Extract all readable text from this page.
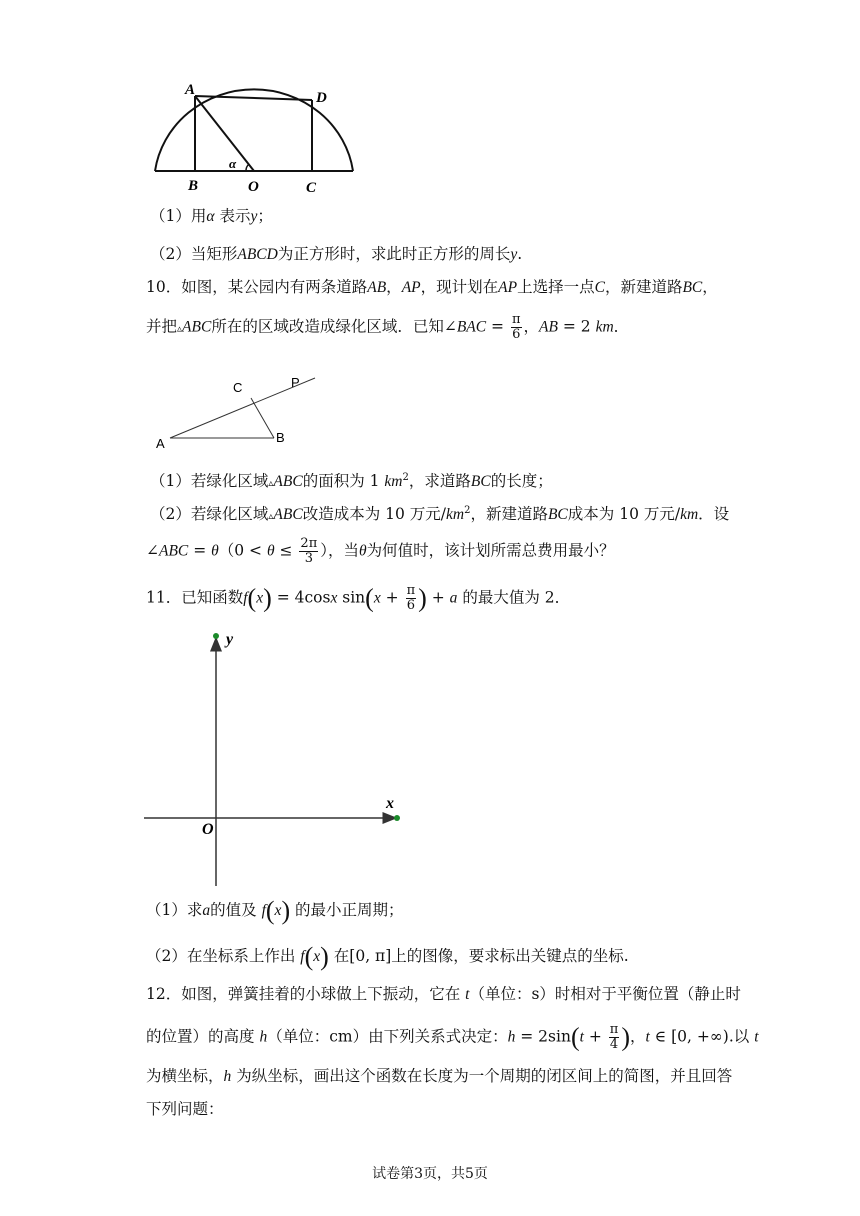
A	D
B	O	C
α
（1）用α 表示y；
（2）当矩形ABCD为正方形时，求此时正方形的周长y.
10．如图，某公园内有两条道路AB，AP，现计划在AP上选择一点C，新建道路BC，
并把▵ABC所在的区域改造成绿化区域．已知∠BAC = $\frac{\pi}{6}$ ，AB = 2 km．
A	B
C	P
（1）若绿化区域▵ABC的面积为 1 $km^2$，求道路BC的长度；
（2）若绿化区域▵ABC改造成本为 10 万元$/km^2$，新建道路BC成本为 10 万元/km．设
∠ABC = $\theta(0 < \theta \le \frac{2\pi}{3}$ ），当θ为何值时，该计划所需总费用最小？
11．已知函数f(x) = 4cosx $\sin(x + \frac{\pi}{6}$ ) + a 的最大值为 2．
y
x
O
（1）求a的值及 f(x) 的最小正周期；
（2）在坐标系上作出 f(x) 在[0, π]上的图像，要求标出关键点的坐标.
12．如图，弹簧挂着的小球做上下振动，它在 t（单位：s）时相对于平衡位置（静止时
的位置）的高度 h（单位：cm）由下列关系式决定：$h = 2\sin(t + \frac{\pi}{4}$ )，t ∈ [0, +∞).以 t
为横坐标，h 为纵坐标，画出这个函数在长度为一个周期的闭区间上的简图，并且回答
下列问题：
试卷第3页，共5页
